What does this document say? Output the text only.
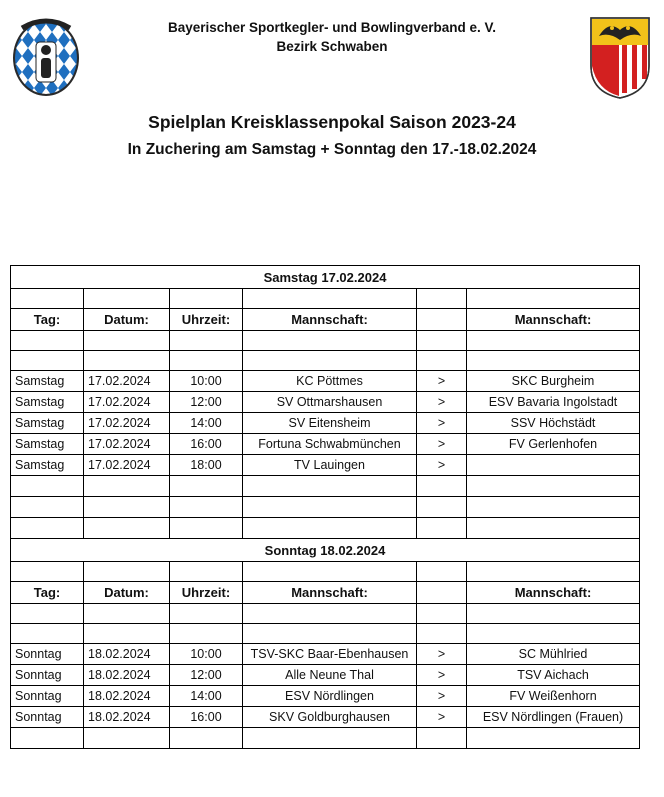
Bayerischer Sportkegler- und Bowlingverband e. V.
Bezirk Schwaben
Spielplan Kreisklassenpokal Saison 2023-24
In Zuchering am Samstag + Sonntag den 17.-18.02.2024
Samstag 17.02.2024					

Tag:	Datum:	Uhrzeit:	Mannschaft:		Mannschaft:

Samstag	17.02.2024	10:00	KC Pöttmes	>	SKC Burgheim
Samstag	17.02.2024	12:00	SV Ottmarshausen	>	ESV Bavaria Ingolstadt
Samstag	17.02.2024	14:00	SV Eitensheim	>	SSV Höchstädt
Samstag	17.02.2024	16:00	Fortuna Schwabmünchen	>	FV Gerlenhofen
Samstag	17.02.2024	18:00	TV Lauingen	>	

Sonntag 18.02.2024					

Tag:	Datum:	Uhrzeit:	Mannschaft:		Mannschaft:

Sonntag	18.02.2024	10:00	TSV-SKC Baar-Ebenhausen	>	SC Mühlried
Sonntag	18.02.2024	12:00	Alle Neune Thal	>	TSV Aichach
Sonntag	18.02.2024	14:00	ESV Nördlingen	>	FV Weißenhorn
Sonntag	18.02.2024	16:00	SKV Goldburghausen	>	ESV Nördlingen (Frauen)
